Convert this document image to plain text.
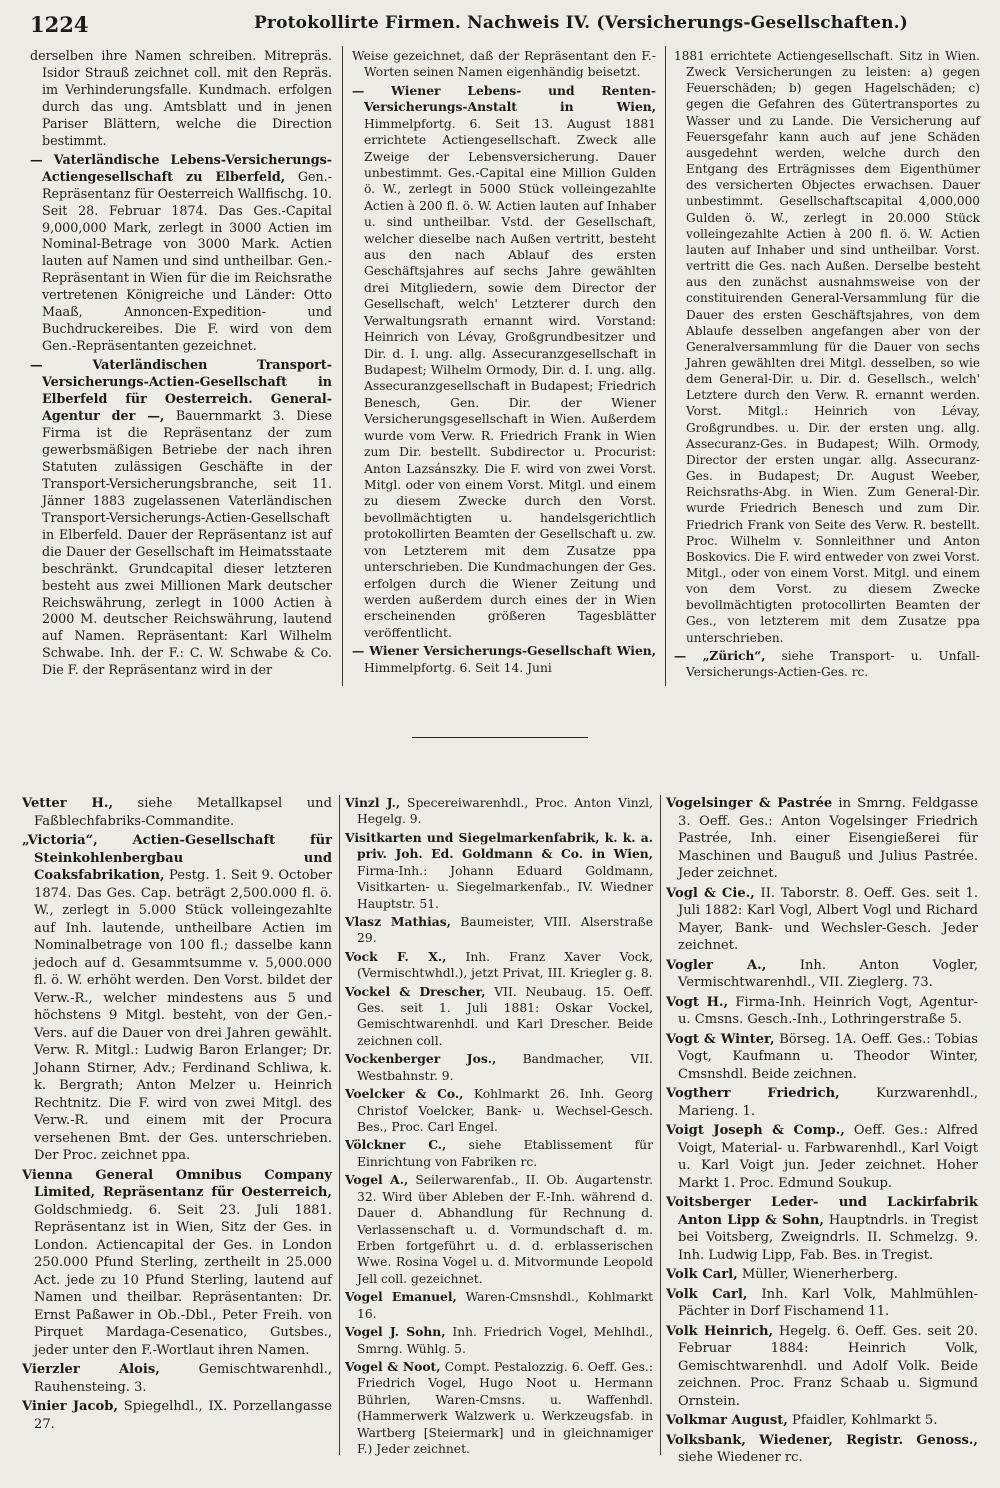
1224	Protokollirte Firmen. Nachweis IV. (Versicherungs-Gesellschaften.)

derselben ihre Namen schreiben. Mitrepräs. Isidor Strauß zeichnet coll. mit den Repräs. im Verhinderungsfalle. Kundmach. erfolgen durch das ung. Amtsblatt und in jenen Pariser Blättern, welche die Direction bestimmt.

— Vaterländische Lebens-Versicherungs-Actiengesellschaft zu Elberfeld, Gen.-Repräsentanz für Oesterreich Wallfischg. 10. Seit 28. Februar 1874. Das Ges.-Capital 9,000,000 Mark, zerlegt in 3000 Actien im Nominal-Betrage von 3000 Mark. Actien lauten auf Namen und sind untheilbar. Gen.-Repräsentant in Wien für die im Reichsrathe vertretenen Königreiche und Länder: Otto Maaß, Annoncen-Expedition- und Buchdruckereibes. Die F. wird von dem Gen.-Repräsentanten gezeichnet.

— Vaterländischen Transport-Versicherungs-Actien-Gesellschaft in Elberfeld für Oesterreich. General-Agentur der —, Bauernmarkt 3. Diese Firma ist die Repräsentanz der zum gewerbsmäßigen Betriebe der nach ihren Statuten zulässigen Geschäfte in der Transport-Versicherungsbranche, seit 11. Jänner 1883 zugelassenen Vaterländischen Transport-Versicherungs-Actien-Gesellschaft in Elberfeld. Dauer der Repräsentanz ist auf die Dauer der Gesellschaft im Heimatsstaate beschränkt. Grundcapital dieser letzteren besteht aus zwei Millionen Mark deutscher Reichswährung, zerlegt in 1000 Actien à 2000 M. deutscher Reichswährung, lautend auf Namen. Repräsentant: Karl Wilhelm Schwabe. Inh. der F.: C. W. Schwabe & Co. Die F. der Repräsentanz wird in der

Weise gezeichnet, daß der Repräsentant den F.-Worten seinen Namen eigenhändig beisetzt.

— Wiener Lebens- und Renten-Versicherungs-Anstalt in Wien, Himmelpfortg. 6. Seit 13. August 1881 errichtete Actiengesellschaft. Zweck alle Zweige der Lebensversicherung. Dauer unbestimmt. Ges.-Capital eine Million Gulden ö. W., zerlegt in 5000 Stück volleingezahlte Actien à 200 fl. ö. W. Actien lauten auf Inhaber u. sind untheilbar. Vstd. der Gesellschaft, welcher dieselbe nach Außen vertritt, besteht aus den nach Ablauf des ersten Geschäftsjahres auf sechs Jahre gewählten drei Mitgliedern, sowie dem Director der Gesellschaft, welch' Letzterer durch den Verwaltungsrath ernannt wird. Vorstand: Heinrich von Lévay, Großgrundbesitzer und Dir. d. I. ung. allg. Assecuranzgesellschaft in Budapest; Wilhelm Ormody, Dir. d. I. ung. allg. Assecuranzgesellschaft in Budapest; Friedrich Benesch, Gen. Dir. der Wiener Versicherungsgesellschaft in Wien. Außerdem wurde vom Verw. R. Friedrich Frank in Wien zum Dir. bestellt. Subdirector u. Procurist: Anton Lazsánszky. Die F. wird von zwei Vorst. Mitgl. oder von einem Vorst. Mitgl. und einem zu diesem Zwecke durch den Vorst. bevollmächtigten u. handelsgerichtlich protokollirten Beamten der Gesellschaft u. zw. von Letzterem mit dem Zusatze ppa unterschrieben. Die Kundmachungen der Ges. erfolgen durch die Wiener Zeitung und werden außerdem durch eines der in Wien erscheinenden größeren Tagesblätter veröffentlicht.

— Wiener Versicherungs-Gesellschaft Wien, Himmelpfortg. 6. Seit 14. Juni

1881 errichtete Actiengesellschaft. Sitz in Wien. Zweck Versicherungen zu leisten: a) gegen Feuerschäden; b) gegen Hagelschäden; c) gegen die Gefahren des Gütertransportes zu Wasser und zu Lande. Die Versicherung auf Feuersgefahr kann auch auf jene Schäden ausgedehnt werden, welche durch den Entgang des Erträgnisses dem Eigenthümer des versicherten Objectes erwachsen. Dauer unbestimmt. Gesellschaftscapital 4,000,000 Gulden ö. W., zerlegt in 20.000 Stück volleingezahlte Actien à 200 fl. ö. W. Actien lauten auf Inhaber und sind untheilbar. Vorst. vertritt die Ges. nach Außen. Derselbe besteht aus den zunächst ausnahmsweise von der constituirenden General-Versammlung für die Dauer des ersten Geschäftsjahres, von dem Ablaufe desselben angefangen aber von der Generalversammlung für die Dauer von sechs Jahren gewählten drei Mitgl. desselben, so wie dem General-Dir. u. Dir. d. Gesellsch., welch' Letztere durch den Verw. R. ernannt werden. Vorst. Mitgl.: Heinrich von Lévay, Großgrundbes. u. Dir. der ersten ung. allg. Assecuranz-Ges. in Budapest; Wilh. Ormody, Director der ersten ungar. allg. Assecuranz-Ges. in Budapest; Dr. August Weeber, Reichsraths-Abg. in Wien. Zum General-Dir. wurde Friedrich Benesch und zum Dir. Friedrich Frank von Seite des Verw. R. bestellt. Proc. Wilhelm v. Sonnleithner und Anton Boskovics. Die F. wird entweder von zwei Vorst. Mitgl., oder von einem Vorst. Mitgl. und einem von dem Vorst. zu diesem Zwecke bevollmächtigten protocollirten Beamten der Ges., von letzterem mit dem Zusatze ppa unterschrieben.

— „Zürich“, siehe Transport- u. Unfall-Versicherungs-Actien-Ges. rc.

Vetter H., siehe Metallkapsel und Faßblechfabriks-Commandite.

„Victoria“, Actien-Gesellschaft für Steinkohlenbergbau und Coaksfabrikation, Pestg. 1. Seit 9. October 1874. Das Ges. Cap. beträgt 2,500.000 fl. ö. W., zerlegt in 5.000 Stück volleingezahlte auf Inh. lautende, untheilbare Actien im Nominalbetrage von 100 fl.; dasselbe kann jedoch auf d. Gesammtsumme v. 5,000.000 fl. ö. W. erhöht werden. Den Vorst. bildet der Verw.-R., welcher mindestens aus 5 und höchstens 9 Mitgl. besteht, von der Gen.-Vers. auf die Dauer von drei Jahren gewählt. Verw. R. Mitgl.: Ludwig Baron Erlanger; Dr. Johann Stirner, Adv.; Ferdinand Schliwa, k. k. Bergrath; Anton Melzer u. Heinrich Rechtnitz. Die F. wird von zwei Mitgl. des Verw.-R. und einem mit der Procura versehenen Bmt. der Ges. unterschrieben. Der Proc. zeichnet ppa.

Vienna General Omnibus Company Limited, Repräsentanz für Oesterreich, Goldschmiedg. 6. Seit 23. Juli 1881. Repräsentanz ist in Wien, Sitz der Ges. in London. Actiencapital der Ges. in London 250.000 Pfund Sterling, zertheilt in 25.000 Act. jede zu 10 Pfund Sterling, lautend auf Namen und theilbar. Repräsentanten: Dr. Ernst Paßawer in Ob.-Dbl., Peter Freih. von Pirquet Mardaga-Cesenatico, Gutsbes., jeder unter den F.-Wortlaut ihren Namen.

Vierzler Alois,	Gemischtwarenhdl., Rauhensteing. 3.

Vinier Jacob, Spiegelhdl., IX. Porzellangasse 27.

Vinzl J., Specereiwarenhdl., Proc. Anton Vinzl, Hegelg. 9.

Visitkarten und Siegelmarkenfabrik, k. k. a. priv. Joh. Ed. Goldmann & Co. in Wien, Firma-Inh.: Johann Eduard Goldmann, Visitkarten- u. Siegelmarkenfab., IV. Wiedner Hauptstr. 51.

Vlasz Mathias, Baumeister, VIII. Alserstraße 29.

Vock F. X., Inh. Franz Xaver Vock, (Vermischtwhdl.), jetzt Privat, III. Kriegler g. 8.

Vockel & Drescher, VII. Neubaug. 15. Oeff. Ges. seit 1. Juli 1881: Oskar Vockel, Gemischtwarenhdl. und Karl Drescher. Beide zeichnen coll.

Vockenberger Jos., Bandmacher, VII. Westbahnstr. 9.

Voelcker & Co., Kohlmarkt 26. Inh. Georg Christof Voelcker, Bank- u. Wechsel-Gesch. Bes., Proc. Carl Engel.

Völckner C., siehe Etablissement für Einrichtung von Fabriken rc.

Vogel A., Seilerwarenfab., II. Ob. Augartenstr. 32. Wird über Ableben der F.-Inh. während d. Dauer d. Abhandlung für Rechnung d. Verlassenschaft u. d. Vormundschaft d. m. Erben fortgeführt u. d. d. erblasserischen Wwe. Rosina Vogel u. d. Mitvormunde Leopold Jell coll. gezeichnet.

Vogel Emanuel, Waren-Cmsnshdl., Kohlmarkt 16.

Vogel J. Sohn, Inh. Friedrich Vogel, Mehlhdl., Smrng. Wühlg. 5.

Vogel & Noot, Compt. Pestalozzig. 6. Oeff. Ges.: Friedrich Vogel, Hugo Noot u. Hermann Bührlen, Waren-Cmsns. u. Waffenhdl. (Hammerwerk Walzwerk u. Werkzeugsfab. in Wartberg [Steiermark] und in gleichnamiger F.) Jeder zeichnet.

Vogelsinger & Pastrée in Smrng. Feldgasse 3. Oeff. Ges.: Anton Vogelsinger Friedrich Pastrée, Inh. einer Eisengießerei für Maschinen und Bauguß und Julius Pastrée. Jeder zeichnet.

Vogl & Cie., II. Taborstr. 8. Oeff. Ges. seit 1. Juli 1882: Karl Vogl, Albert Vogl und Richard Mayer, Bank- und Wechsler-Gesch. Jeder zeichnet.

Vogler A.,	Inh. Anton Vogler, Vermischtwarenhdl., VII. Zieglerg. 73.

Vogt H., Firma-Inh. Heinrich Vogt, Agentur- u. Cmsns. Gesch.-Inh., Lothringerstraße 5.

Vogt & Winter, Börseg. 1A. Oeff. Ges.: Tobias Vogt, Kaufmann u. Theodor Winter, Cmsnshdl. Beide zeichnen.

Vogtherr Friedrich,	Kurzwarenhdl., Marieng. 1.

Voigt Joseph & Comp., Oeff. Ges.: Alfred Voigt, Material- u. Farbwarenhdl., Karl Voigt u. Karl Voigt jun. Jeder zeichnet. Hoher Markt 1. Proc. Edmund Soukup.

Voitsberger Leder- und Lackirfabrik Anton Lipp & Sohn, Hauptndrls. in Tregist bei Voitsberg, Zweigndrls. II. Schmelzg. 9. Inh. Ludwig Lipp, Fab. Bes. in Tregist.

Volk Carl, Müller, Wienerherberg.

Volk Carl, Inh. Karl Volk, Mahlmühlen-Pächter in Dorf Fischamend 11.

Volk Heinrich, Hegelg. 6. Oeff. Ges. seit 20. Februar 1884: Heinrich Volk, Gemischtwarenhdl. und Adolf Volk. Beide zeichnen. Proc. Franz Schaab u. Sigmund Ornstein.

Volkmar August, Pfaidler, Kohlmarkt 5.

Volksbank, Wiedener, Registr. Genoss., siehe Wiedener rc.
